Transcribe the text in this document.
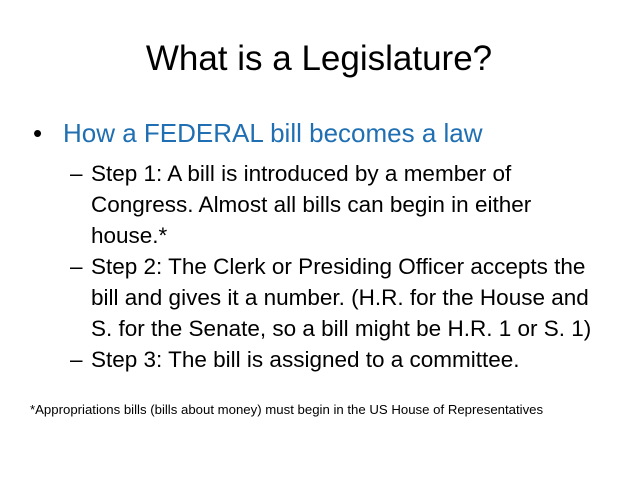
What is a Legislature?
• How a FEDERAL bill becomes a law
– Step 1: A bill is introduced by a member of Congress. Almost all bills can begin in either house.*
– Step 2: The Clerk or Presiding Officer accepts the bill and gives it a number. (H.R. for the House and S. for the Senate, so a bill might be H.R. 1 or S. 1)
– Step 3: The bill is assigned to a committee.
*Appropriations bills (bills about money) must begin in the US House of Representatives
